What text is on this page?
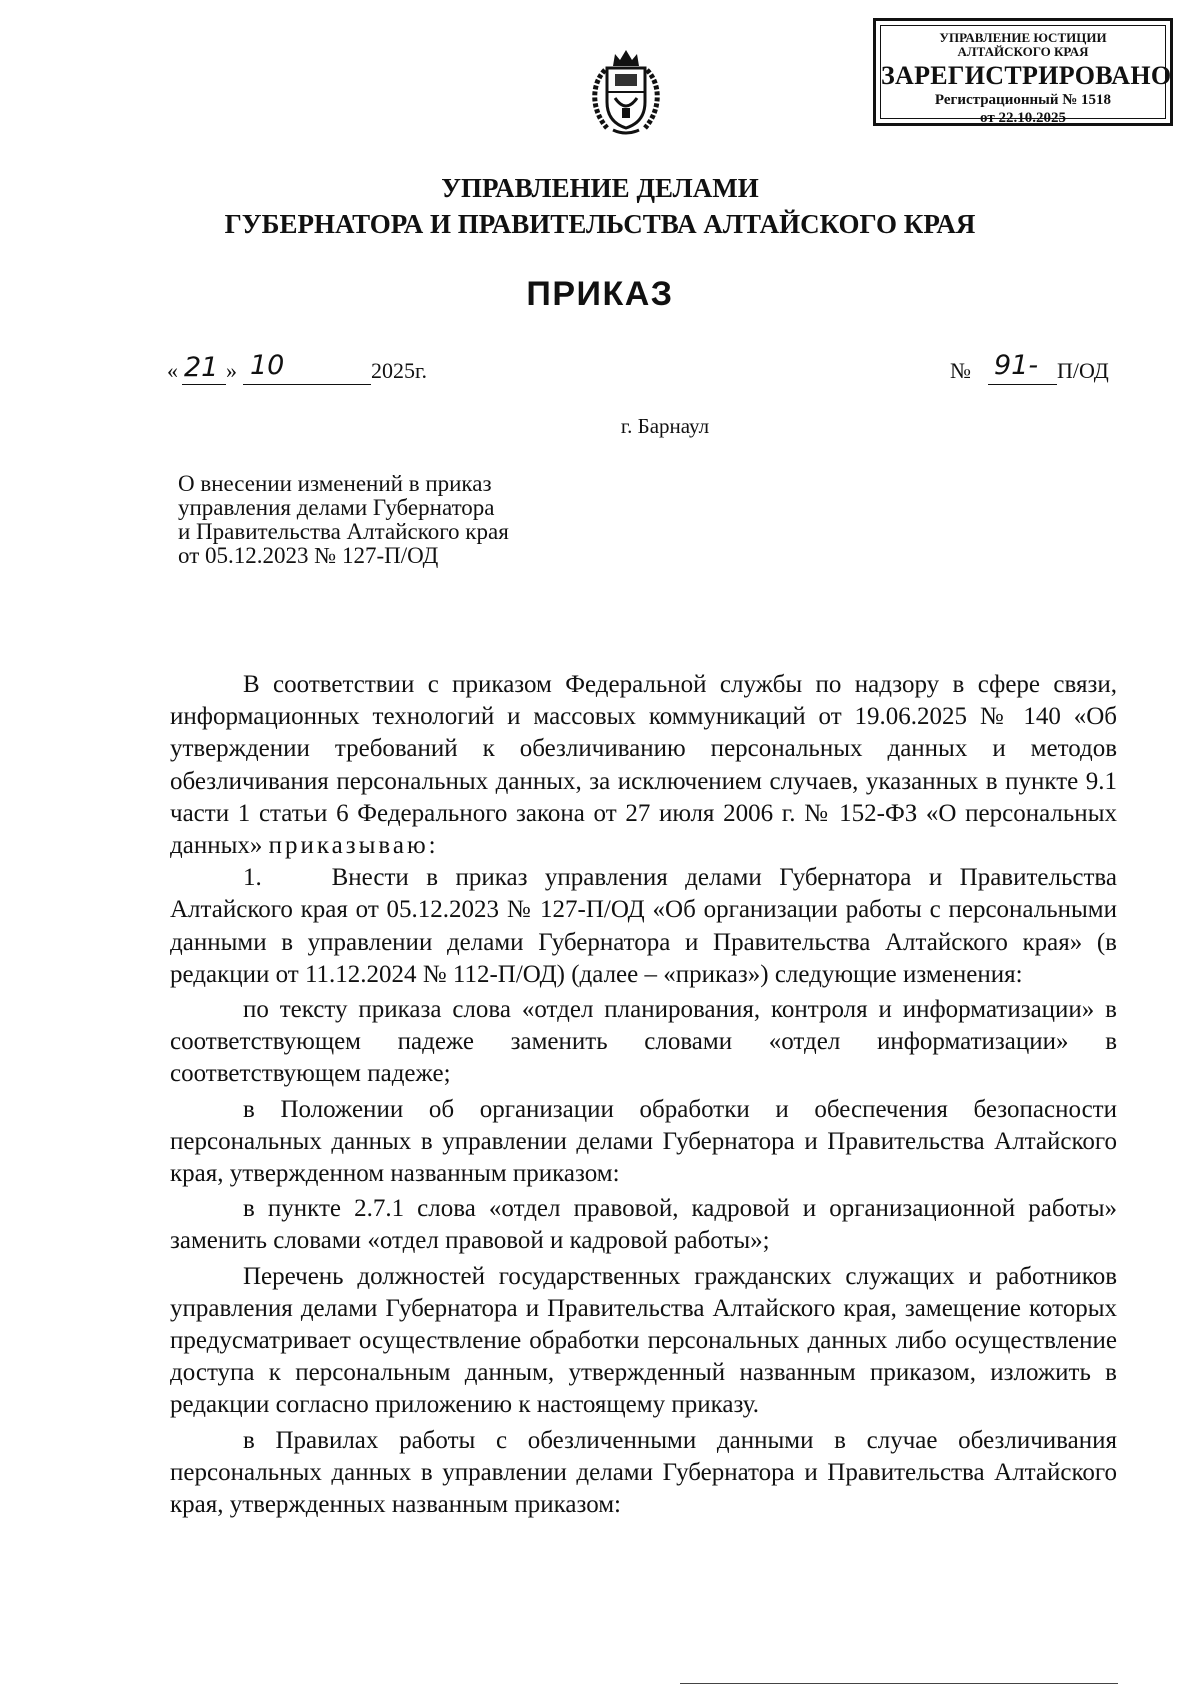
УПРАВЛЕНИЕ ЮСТИЦИИ
АЛТАЙСКОГО КРАЯ
ЗАРЕГИСТРИРОВАНО
Регистрационный № 1518
от 22.10.2025
УПРАВЛЕНИЕ ДЕЛАМИ
ГУБЕРНАТОРА И ПРАВИТЕЛЬСТВА АЛТАЙСКОГО КРАЯ
ПРИКАЗ
« 21 » 10	2025г.	№ 91- П/ОД
г. Барнаул
О внесении изменений в приказ
управления делами Губернатора
и Правительства Алтайского края
от 05.12.2023 № 127-П/ОД

В соответствии с приказом Федеральной службы по надзору в сфере связи, информационных технологий и массовых коммуникаций от 19.06.2025 № 140 «Об утверждении требований к обезличиванию персональных данных и методов обезличивания персональных данных, за исключением случаев, указанных в пункте 9.1 части 1 статьи 6 Федерального закона от 27 июля 2006 г. № 152-ФЗ «О персональных данных» приказываю:

1.    Внести в приказ управления делами Губернатора и Правительства Алтайского края от 05.12.2023 № 127-П/ОД «Об организации работы с персональными данными в управлении делами Губернатора и Правительства Алтайского края» (в редакции от 11.12.2024 № 112-П/ОД) (далее – «приказ») следующие изменения:

по тексту приказа слова «отдел планирования, контроля и информатизации» в соответствующем падеже заменить словами «отдел информатизации» в соответствующем падеже;

в Положении об организации обработки и обеспечения безопасности персональных данных в управлении делами Губернатора и Правительства Алтайского края, утвержденном названным приказом:

в пункте 2.7.1 слова «отдел правовой, кадровой и организационной работы» заменить словами «отдел правовой и кадровой работы»;

Перечень должностей государственных гражданских служащих и работников управления делами Губернатора и Правительства Алтайского края, замещение которых предусматривает осуществление обработки персональных данных либо осуществление доступа к персональным данным, утвержденный названным приказом, изложить в редакции согласно приложению к настоящему приказу.

в Правилах работы с обезличенными данными в случае обезличивания персональных данных в управлении делами Губернатора и Правительства Алтайского края, утвержденных названным приказом:
